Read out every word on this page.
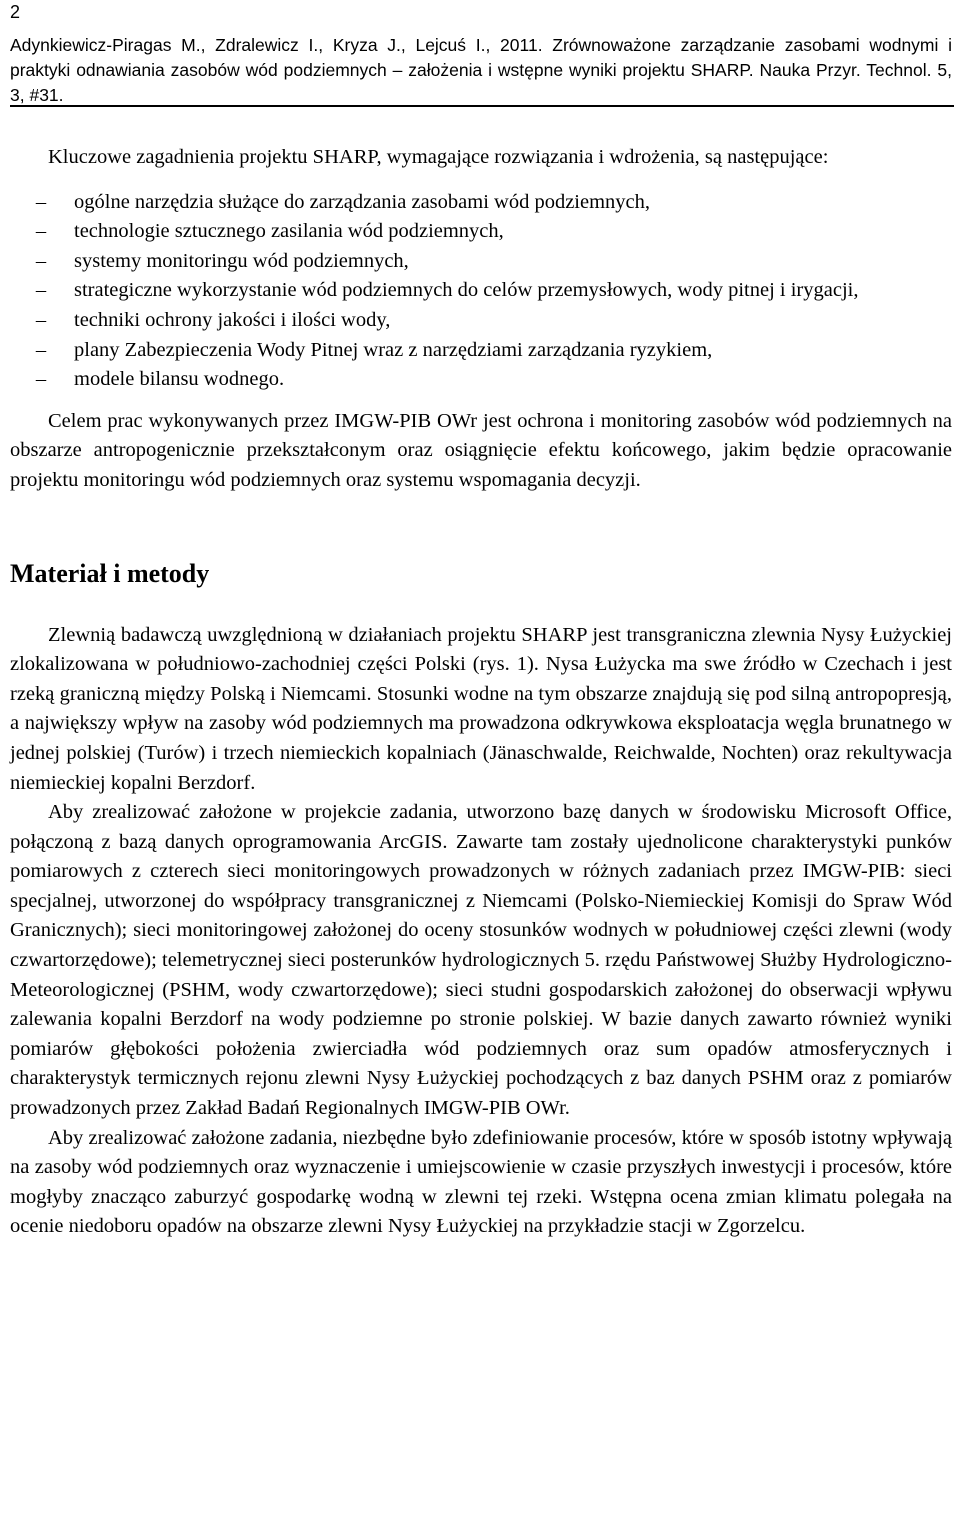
2
Adynkiewicz-Piragas M., Zdralewicz I., Kryza J., Lejcuś I., 2011. Zrównoważone zarządzanie zasobami wodnymi i praktyki odnawiania zasobów wód podziemnych – założenia i wstępne wyniki projektu SHARP. Nauka Przyr. Technol. 5, 3, #31.

Kluczowe zagadnienia projektu SHARP, wymagające rozwiązania i wdrożenia, są następujące:

– ogólne narzędzia służące do zarządzania zasobami wód podziemnych,
– technologie sztucznego zasilania wód podziemnych,
– systemy monitoringu wód podziemnych,
– strategiczne wykorzystanie wód podziemnych do celów przemysłowych, wody pitnej i irygacji,
– techniki ochrony jakości i ilości wody,
– plany Zabezpieczenia Wody Pitnej wraz z narzędziami zarządzania ryzykiem,
– modele bilansu wodnego.

Celem prac wykonywanych przez IMGW-PIB OWr jest ochrona i monitoring zasobów wód podziemnych na obszarze antropogenicznie przekształconym oraz osiągnięcie efektu końcowego, jakim będzie opracowanie projektu monitoringu wód podziemnych oraz systemu wspomagania decyzji.

Materiał i metody

Zlewnią badawczą uwzględnioną w działaniach projektu SHARP jest transgraniczna zlewnia Nysy Łużyckiej zlokalizowana w południowo-zachodniej części Polski (rys. 1). Nysa Łużycka ma swe źródło w Czechach i jest rzeką graniczną między Polską i Niemcami. Stosunki wodne na tym obszarze znajdują się pod silną antropopresją, a największy wpływ na zasoby wód podziemnych ma prowadzona odkrywkowa eksploatacja węgla brunatnego w jednej polskiej (Turów) i trzech niemieckich kopalniach (Jänaschwalde, Reichwalde, Nochten) oraz rekultywacja niemieckiej kopalni Berzdorf.

Aby zrealizować założone w projekcie zadania, utworzono bazę danych w środowisku Microsoft Office, połączoną z bazą danych oprogramowania ArcGIS. Zawarte tam zostały ujednolicone charakterystyki punków pomiarowych z czterech sieci monitoringowych prowadzonych w różnych zadaniach przez IMGW-PIB: sieci specjalnej, utworzonej do współpracy transgranicznej z Niemcami (Polsko-Niemieckiej Komisji do Spraw Wód Granicznych); sieci monitoringowej założonej do oceny stosunków wodnych w południowej części zlewni (wody czwartorzędowe); telemetrycznej sieci posterunków hydrologicznych 5. rzędu Państwowej Służby Hydrologiczno-Meteorologicznej (PSHM, wody czwartorzędowe); sieci studni gospodarskich założonej do obserwacji wpływu zalewania kopalni Berzdorf na wody podziemne po stronie polskiej. W bazie danych zawarto również wyniki pomiarów głębokości położenia zwierciadła wód podziemnych oraz sum opadów atmosferycznych i charakterystyk termicznych rejonu zlewni Nysy Łużyckiej pochodzących z baz danych PSHM oraz z pomiarów prowadzonych przez Zakład Badań Regionalnych IMGW-PIB OWr.

Aby zrealizować założone zadania, niezbędne było zdefiniowanie procesów, które w sposób istotny wpływają na zasoby wód podziemnych oraz wyznaczenie i umiejscowienie w czasie przyszłych inwestycji i procesów, które mogłyby znacząco zaburzyć gospodarkę wodną w zlewni tej rzeki. Wstępna ocena zmian klimatu polegała na ocenie niedoboru opadów na obszarze zlewni Nysy Łużyckiej na przykładzie stacji w Zgorzelcu.
